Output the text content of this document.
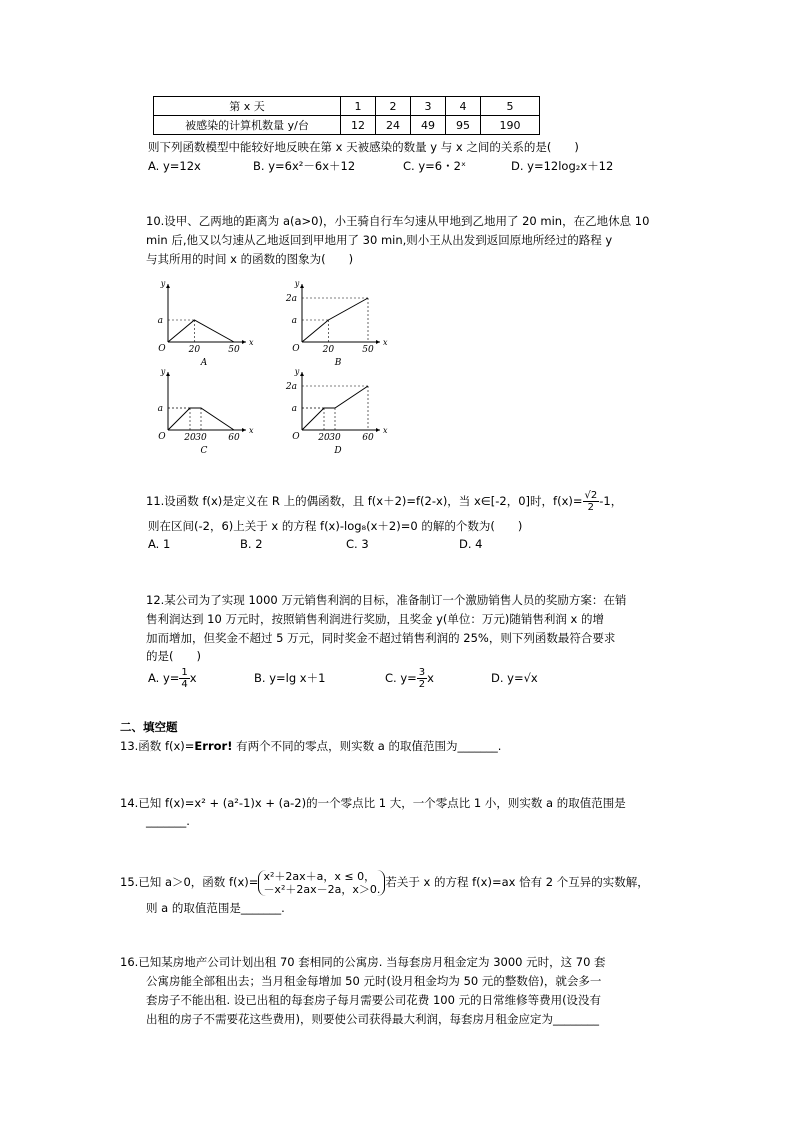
第 x 天	1	2	3	4	5
被感染的计算机数量 y/台	12	24	49	95	190
则下列函数模型中能较好地反映在第 x 天被感染的数量 y 与 x 之间的关系的是(　　)
A. y=12x	B. y=6x²－6x＋12	C. y=6・2ˣ	D. y=12log₂x＋12
10.设甲、乙两地的距离为 a(a>0)，小王骑自行车匀速从甲地到乙地用了 20 min，在乙地休息 10
min 后,他又以匀速从乙地返回到甲地用了 30 min,则小王从出发到返回原地所经过的路程 y
与其所用的时间 x 的函数的图象为(　　)
x
y
O	20	50
a
A
x
y
O	20	50
a
2a
B
x
y
O 20 30 60
a
C
x
y
O 20 30 60
a
2a
D
11.设函数 f(x)是定义在 R 上的偶函数，且 f(x＋2)=f(2-x)，当 x∈[-2，0]时，$f(x)= \frac{√2}{2} -1$，
则在区间(-2，6)上关于 x 的方程 f(x)-log₈(x＋2)=0 的解的个数为(　　)
A. 1	B. 2	C. 3	D. 4
12.某公司为了实现 1000 万元销售利润的目标，准备制订一个激励销售人员的奖励方案：在销
售利润达到 10 万元时，按照销售利润进行奖励，且奖金 y(单位：万元)随销售利润 x 的增
加而增加，但奖金不超过 5 万元，同时奖金不超过销售利润的 25%，则下列函数最符合要求
的是(　　)
A. $y= \frac{1}{4}$ x	B. y=lg x＋1	C. $y= \frac{3}{2}$ x	D. y=√x
二、填空题
13.函数 f(x)=Error! 有两个不同的零点，则实数 a 的取值范围为_______.
14.已知 f(x)=x² + (a²-1)x + (a-2)的一个零点比 1 大，一个零点比 1 小，则实数 a 的取值范围是
_______.
15.已知 a＞0，函数 f(x)= x²＋2ax＋a，x ≤ 0，
－x²＋2ax－2a，x＞0. 若关于 x 的方程 f(x)=ax 恰有 2 个互异的实数解，
则 a 的取值范围是_______.
16.已知某房地产公司计划出租 70 套相同的公寓房. 当每套房月租金定为 3000 元时，这 70 套
公寓房能全部租出去；当月租金每增加 50 元时(设月租金均为 50 元的整数倍)，就会多一
套房子不能出租. 设已出租的每套房子每月需要公司花费 100 元的日常维修等费用(设没有
出租的房子不需要花这些费用)，则要使公司获得最大利润，每套房月租金应定为________
